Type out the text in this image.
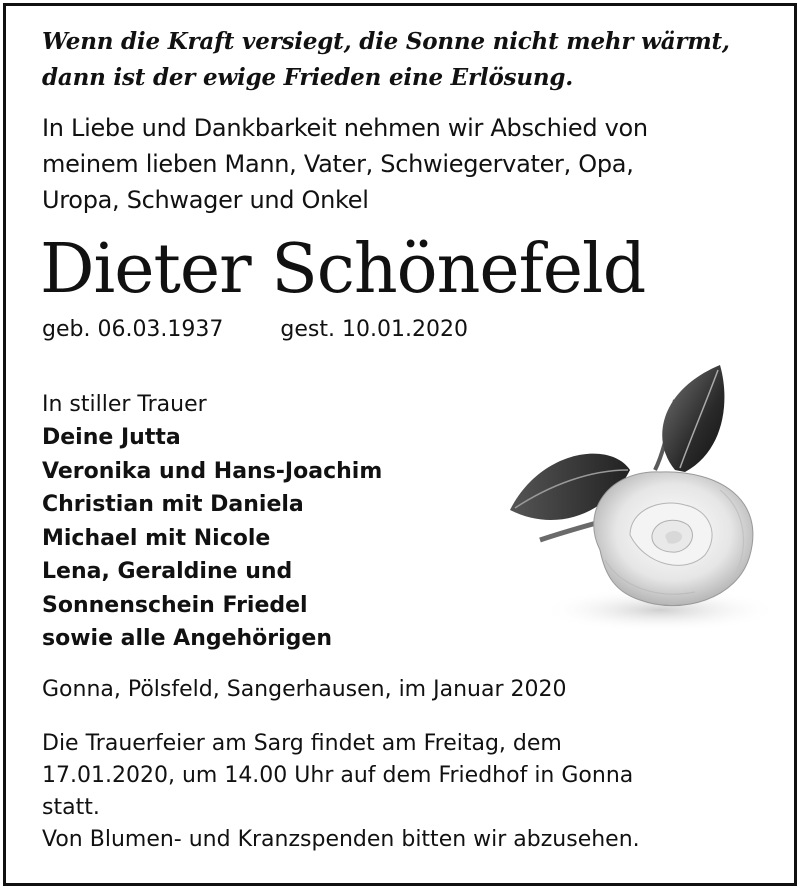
Wenn die Kraft versiegt, die Sonne nicht mehr wärmt,
dann ist der ewige Frieden eine Erlösung.

In Liebe und Dankbarkeit nehmen wir Abschied von
meinem lieben Mann, Vater, Schwiegervater, Opa,
Uropa, Schwager und Onkel

Dieter Schönefeld
geb. 06.03.1937	gest. 10.01.2020
In stiller Trauer
Deine Jutta
Veronika und Hans-Joachim
Christian mit Daniela
Michael mit Nicole
Lena, Geraldine und
Sonnenschein Friedel
sowie alle Angehörigen
Gonna, Pölsfeld, Sangerhausen, im Januar 2020

Die Trauerfeier am Sarg findet am Freitag, dem

17.01.2020, um 14.00 Uhr auf dem Friedhof in Gonna

statt.

Von Blumen- und Kranzspenden bitten wir abzusehen.
